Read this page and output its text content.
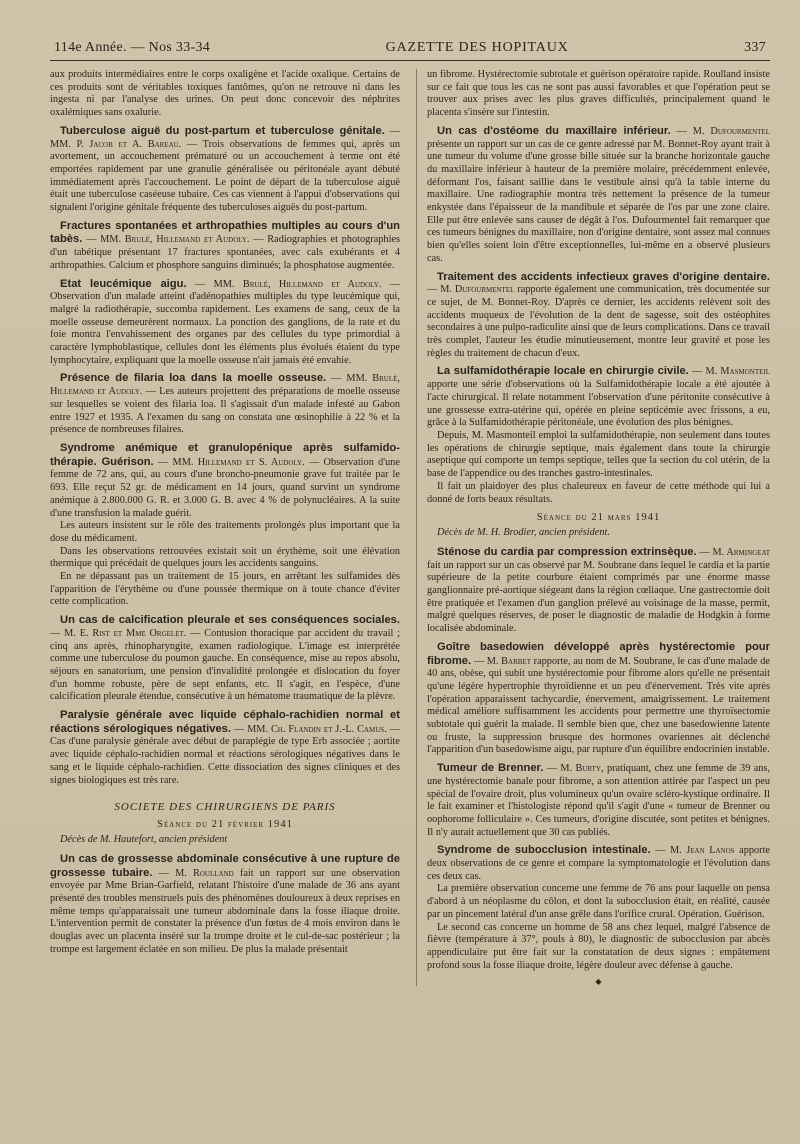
114e Année. — Nos 33-34	GAZETTE DES HOPITAUX	337

aux produits intermédiaires entre le corps oxaligène et l'acide oxalique. Certains de ces produits sont de véritables toxiques fantômes, qu'on ne retrouve ni dans les ingesta ni par l'analyse des urines. On peut donc concevoir des néphrites oxalémiques sans oxalurie.

Tuberculose aiguë du post-partum et tuberculose génitale. — MM. P. Jacob et A. Bareau. — Trois observations de femmes qui, après un avortement, un accouchement prématuré ou un accouchement à terme ont été emportées rapidement par une granulie généralisée ou péritonéale ayant débuté immédiatement après l'accouchement. Le point de départ de la tuberculose aiguë était une tuberculose caséeuse tubaire. Ces cas viennent à l'appui d'observations qui signalent l'origine génitale fréquente des tuberculoses aiguës du post-partum.

Fractures spontanées et arthropathies multiples au cours d'un tabès. — MM. Brulé, Hillemand et Audoly. — Radiographies et photographies d'un tabétique présentant 17 fractures spontanées, avec cals exubérants et 4 arthropathies. Calcium et phosphore sanguins diminués; la phosphatose augmentée.

Etat leucémique aigu. — MM. Brulé, Hillemand et Audoly. — Observation d'un malade atteint d'adénopathies multiples du type leucémique qui, malgré la radiothérapie, succomba rapidement. Les examens de sang, ceux de la moelle osseuse demeurèrent normaux. La ponction des ganglions, de la rate et du foie montra l'envahissement des organes par des cellules du type primordial à caractère lymphoblastique, cellules dont les éléments plus évolués étaient du type lymphocytaire, expliquant que la moelle osseuse n'ait jamais été envahie.

Présence de filaria loa dans la moelle osseuse. — MM. Brulé, Hillemand et Audoly. — Les auteurs projettent des préparations de moelle osseuse sur lesquelles se voient des filaria loa. Il s'agissait d'un malade infesté au Gabon entre 1927 et 1935. A l'examen du sang on constata une œsinophilie à 22 % et la présence de nombreuses filaires.

Syndrome anémique et granulopénique après sulfamido-thérapie. Guérison. — MM. Hillemand et S. Audoly. — Observation d'une femme de 72 ans, qui, au cours d'une broncho-pneumonie grave fut traitée par le 693. Elle reçut 52 gr. de médicament en 14 jours, quand survint un syndrome anémique à 2.800.000 G. R. et 3.000 G. B. avec 4 % de polynucléaires. A la suite d'une transfusion la malade guérit.

Les auteurs insistent sur le rôle des traitements prolongés plus important que la dose du médicament.

Dans les observations retrouvées existait soit un érythème, soit une élévation thermique qui précédait de quelques jours les accidents sanguins.

En ne dépassant pas un traitement de 15 jours, en arrêtant les sulfamides dès l'apparition de l'érythème ou d'une poussée thermique on à toute chance d'éviter cette complication.

Un cas de calcification pleurale et ses conséquences sociales. — M. E. Rist et Mme Orgelet. — Contusion thoracique par accident du travail ; cinq ans après, rhinopharyngite, examen radiologique. L'image est interprétée comme une tuberculose du poumon gauche. En conséquence, mise au repos absolu, séjours en sanatorium, une pension d'invalidité prolongée et dislocation du foyer d'un homme robuste, père de sept enfants, etc. Il s'agit, en l'espèce, d'une calcification pleurale étendue, consécutive à un hématome traumatique de la plèvre.

Paralysie générale avec liquide céphalo-rachidien normal et réactions sérologiques négatives. — MM. Ch. Flandin et J.-L. Camus. — Cas d'une paralysie générale avec début de paraplégie de type Erb associée ; aortite avec liquide céphalo-rachidien normal et réactions sérologiques négatives dans le sang et le liquide céphalo-rachidien. Cette dissociation des signes cliniques et des signes biologiques est très rare.

SOCIETE DES CHIRURGIENS DE PARIS
Séance du 21 février 1941
Décès de M. Hautefort, ancien président

Un cas de grossesse abdominale consécutive à une rupture de grossesse tubaire. — M. Roulland fait un rapport sur une observation envoyée par Mme Brian-Garfield, relatant l'histoire d'une malade de 36 ans ayant présenté des troubles menstruels puis des phénomènes douloureux à deux reprises en même temps qu'apparaissait une tumeur abdominale dans la fosse iliaque droite. L'intervention permit de constater la présence d'un fœtus de 4 mois environ dans le douglas avec un placenta inséré sur la trompe droite et le cul-de-sac postérieur ; la trompe est largement éclatée en son milieu. De plus la malade présentait

un fibrome. Hystérectomie subtotale et guérison opératoire rapide. Roulland insiste sur ce fait que tous les cas ne sont pas aussi favorables et que l'opération peut se trouver aux prises avec les plus graves difficultés, principalement quand le placenta s'insère sur l'intestin.

Un cas d'ostéome du maxillaire inférieur. — M. Dufourmentel présente un rapport sur un cas de ce genre adressé par M. Bonnet-Roy ayant trait à une tumeur du volume d'une grosse bille située sur la branche horizontale gauche du maxillaire inférieur à hauteur de la première molaire, précédemment enlevée, déformant l'os, faisant saillie dans le vestibule ainsi qu'à la table interne du maxillaire. Une radiographie montra très nettement la présence de la tumeur enkystée dans l'épaisseur de la mandibule et séparée de l'os par une zone claire. Elle put être enlevée sans causer de dégât à l'os. Dufourmentel fait remarquer que ces tumeurs bénignes du maxillaire, non d'origine dentaire, sont assez mal connues bien qu'elles soient loin d'être exceptionnelles, lui-même en a observé plusieurs cas.

Traitement des accidents infectieux graves d'origine dentaire. — M. Dufourmentel rapporte également une communication, très documentée sur ce sujet, de M. Bonnet-Roy. D'après ce dernier, les accidents relèvent soit des accidents muqueux de l'évolution de la dent de sagesse, soit des ostéophites secondaires à une pulpo-radiculite ainsi que de leurs complications. Dans ce travail très complet, l'auteur les étudie minutieusement, montre leur gravité et pose les règles du traitement de chacun d'eux.

La sulfamidothérapie locale en chirurgie civile. — M. Masmonteil apporte une série d'observations où la Sulfamidothérapie locale a été ajoutée à l'acte chirurgical. Il relate notamment l'observation d'une péritonite consécutive à une grossesse extra-utérine qui, opérée en pleine septicémie avec frissons, a eu, grâce à la Sulfamidothérapie péritonéale, une évolution des plus bénignes.

Depuis, M. Masmonteil emploi la sulfamidothérapie, non seulement dans toutes les opérations de chirurgie septique, mais également dans toute la chirurgie aseptique qui comporte un temps septique, telles que la section du col utérin, de la base de l'appendice ou des tranches gastro-intestinales.

Il fait un plaidoyer des plus chaleureux en faveur de cette méthode qui lui a donné de forts beaux résultats.

Séance du 21 mars 1941
Décès de M. H. Brodier, ancien président.

Sténose du cardia par compression extrinsèque. — M. Armingeat fait un rapport sur un cas observé par M. Soubrane dans lequel le cardia et la partie supérieure de la petite courbure étaient comprimés par une énorme masse ganglionnaire pré-aortique siégeant dans la région cœliaque. Une gastrectomie doit être pratiquée et l'examen d'un ganglion prélevé au voisinage de la masse, permit, malgré quelques réserves, de poser le diagnostic de maladie de Hodgkin à forme localisée abdominale.

Goître basedowien développé après hystérectomie pour fibrome. — M. Barbet rapporte, au nom de M. Soubrane, le cas d'une malade de 40 ans, obèse, qui subit une hystérectomie pour fibrome alors qu'elle ne présentait qu'une légère hypertrophie thyroïdienne et un peu d'énervement. Très vite après l'opération apparaissent tachycardie, énervement, amaigrissement. Le traitement médical améliore suffisamment les accidents pour permettre une thyroïsectomie subtotale qui guérit la malade. Il semble bien que, chez une basedowienne latente ou fruste, la suppression brusque des hormones ovariennes ait déclenché l'apparition d'un basedowisme aigu, par rupture d'un équilibre endocrinien instable.

Tumeur de Brenner. — M. Burty, pratiquant, chez une femme de 39 ans, une hystérectomie banale pour fibrome, a son attention attirée par l'aspect un peu spécial de l'ovaire droit, plus volumineux qu'un ovaire scléro-kystique ordinaire. Il le fait examiner et l'histologiste répond qu'il s'agit d'une « tumeur de Brenner ou oophorome folliculaire ». Ces tumeurs, d'origine discutée, sont petites et bénignes. Il n'y aurait actuellement que 30 cas publiés.

Syndrome de subocclusion intestinale. — M. Jean Lanos apporte deux observations de ce genre et compare la symptomatologie et l'évolution dans ces deux cas.

La première observation concerne une femme de 76 ans pour laquelle on pensa d'abord à un néoplasme du côlon, et dont la subocclusion était, en réalité, causée par un pincement latéral d'un anse grêle dans l'orifice crural. Opération. Guérison.

Le second cas concerne un homme de 58 ans chez lequel, malgré l'absence de fièvre (température à 37°, pouls à 80), le diagnostic de subocclusion par abcès appendiculaire put être fait sur la constatation de deux signes : empâtement profond sous la fosse iliaque droite, légère douleur avec défense à gauche.

◆
